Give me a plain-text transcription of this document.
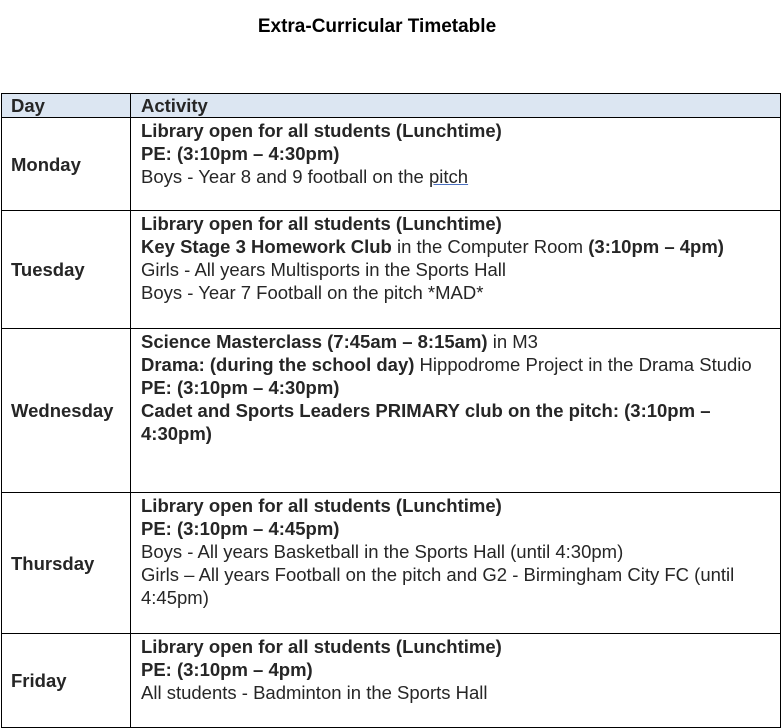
Extra-Curricular Timetable
Day	Activity
Monday	Library open for all students (Lunchtime)
PE: (3:10pm – 4:30pm)
Boys - Year 8 and 9 football on the pitch

Tuesday	Library open for all students (Lunchtime)
Key Stage 3 Homework Club in the Computer Room (3:10pm – 4pm)
Girls - All years Multisports in the Sports Hall
Boys - Year 7 Football on the pitch *MAD*

Wednesday	Science Masterclass (7:45am – 8:15am) in M3
Drama: (during the school day) Hippodrome Project in the Drama Studio
PE: (3:10pm – 4:30pm)
Cadet and Sports Leaders PRIMARY club on the pitch: (3:10pm – 4:30pm)

Thursday	Library open for all students (Lunchtime)
PE: (3:10pm – 4:45pm)
Boys - All years Basketball in the Sports Hall (until 4:30pm)
Girls – All years Football on the pitch and G2 - Birmingham City FC (until 4:45pm)

Friday	Library open for all students (Lunchtime)
PE: (3:10pm – 4pm)
All students - Badminton in the Sports Hall
